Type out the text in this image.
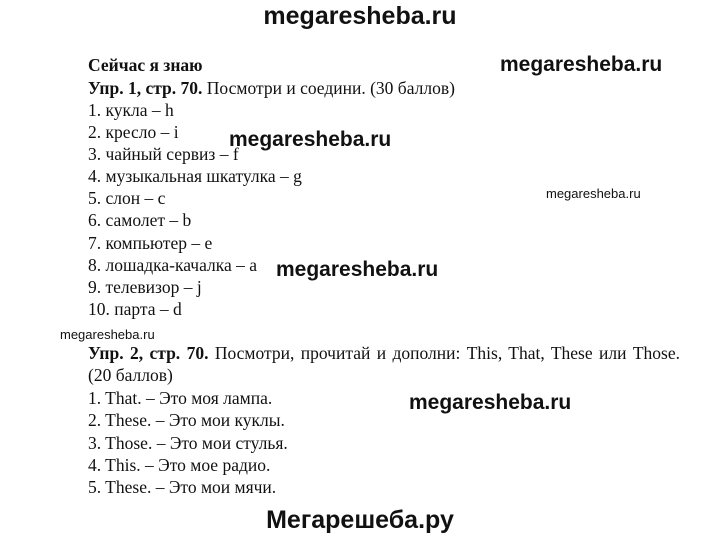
megaresheba.ru
megaresheba.ru
megaresheba.ru
megaresheba.ru
megaresheba.ru
megaresheba.ru
megaresheba.ru
Мегарешеба.ру
Сейчас я знаю
Упр. 1, стр. 70. Посмотри и соедини. (30 баллов)
1. кукла – h
2. кресло – i
3. чайный сервиз – f
4. музыкальная шкатулка – g
5. слон – c
6. самолет – b
7. компьютер – e
8. лошадка-качалка – a
9. телевизор – j
10. парта – d
Упр. 2, стр. 70. Посмотри, прочитай и дополни: This, That, These или Those. (20 баллов)
1. That. – Это моя лампа.
2. These. – Это мои куклы.
3. Those. – Это мои стулья.
4. This. – Это мое радио.
5. These. – Это мои мячи.
